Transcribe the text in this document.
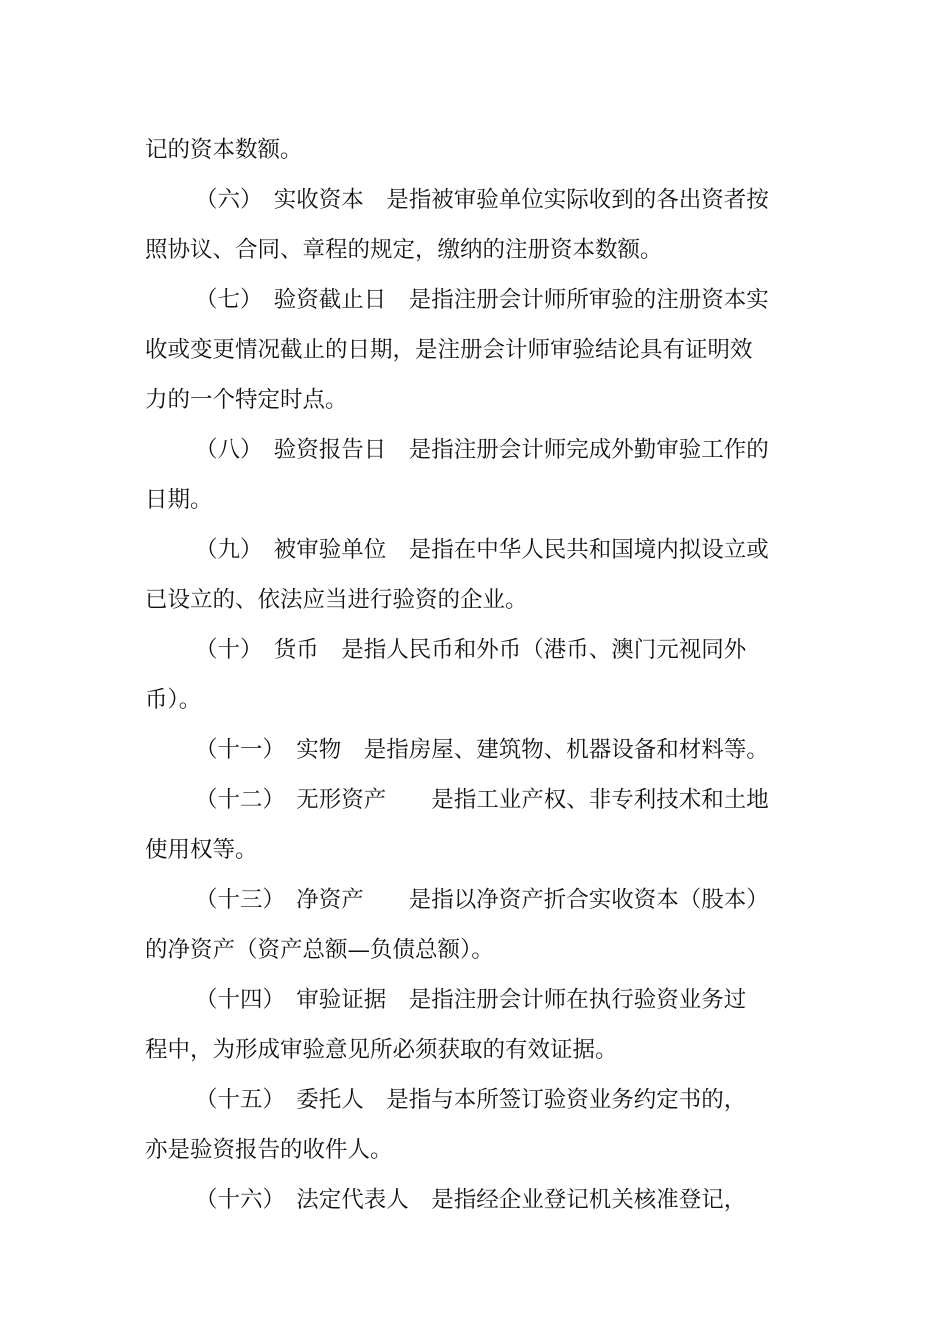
记的资本数额。
（六）　实收资本　是指被审验单位实际收到的各出资者按
照协议、合同、章程的规定，缴纳的注册资本数额。
（七）　验资截止日　是指注册会计师所审验的注册资本实
收或变更情况截止的日期，是注册会计师审验结论具有证明效
力的一个特定时点。
（八）　验资报告日　是指注册会计师完成外勤审验工作的
日期。
（九）　被审验单位　是指在中华人民共和国境内拟设立或
已设立的、依法应当进行验资的企业。
（十）　货币　是指人民币和外币（港币、澳门元视同外
币）。
（十一）　实物　是指房屋、建筑物、机器设备和材料等。
（十二）　无形资产　　是指工业产权、非专利技术和土地
使用权等。
（十三）　净资产　　是指以净资产折合实收资本（股本）
的净资产（资产总额—负债总额）。
（十四）　审验证据　是指注册会计师在执行验资业务过
程中，为形成审验意见所必须获取的有效证据。
（十五）　委托人　是指与本所签订验资业务约定书的，
亦是验资报告的收件人。
（十六）　法定代表人　是指经企业登记机关核准登记，
